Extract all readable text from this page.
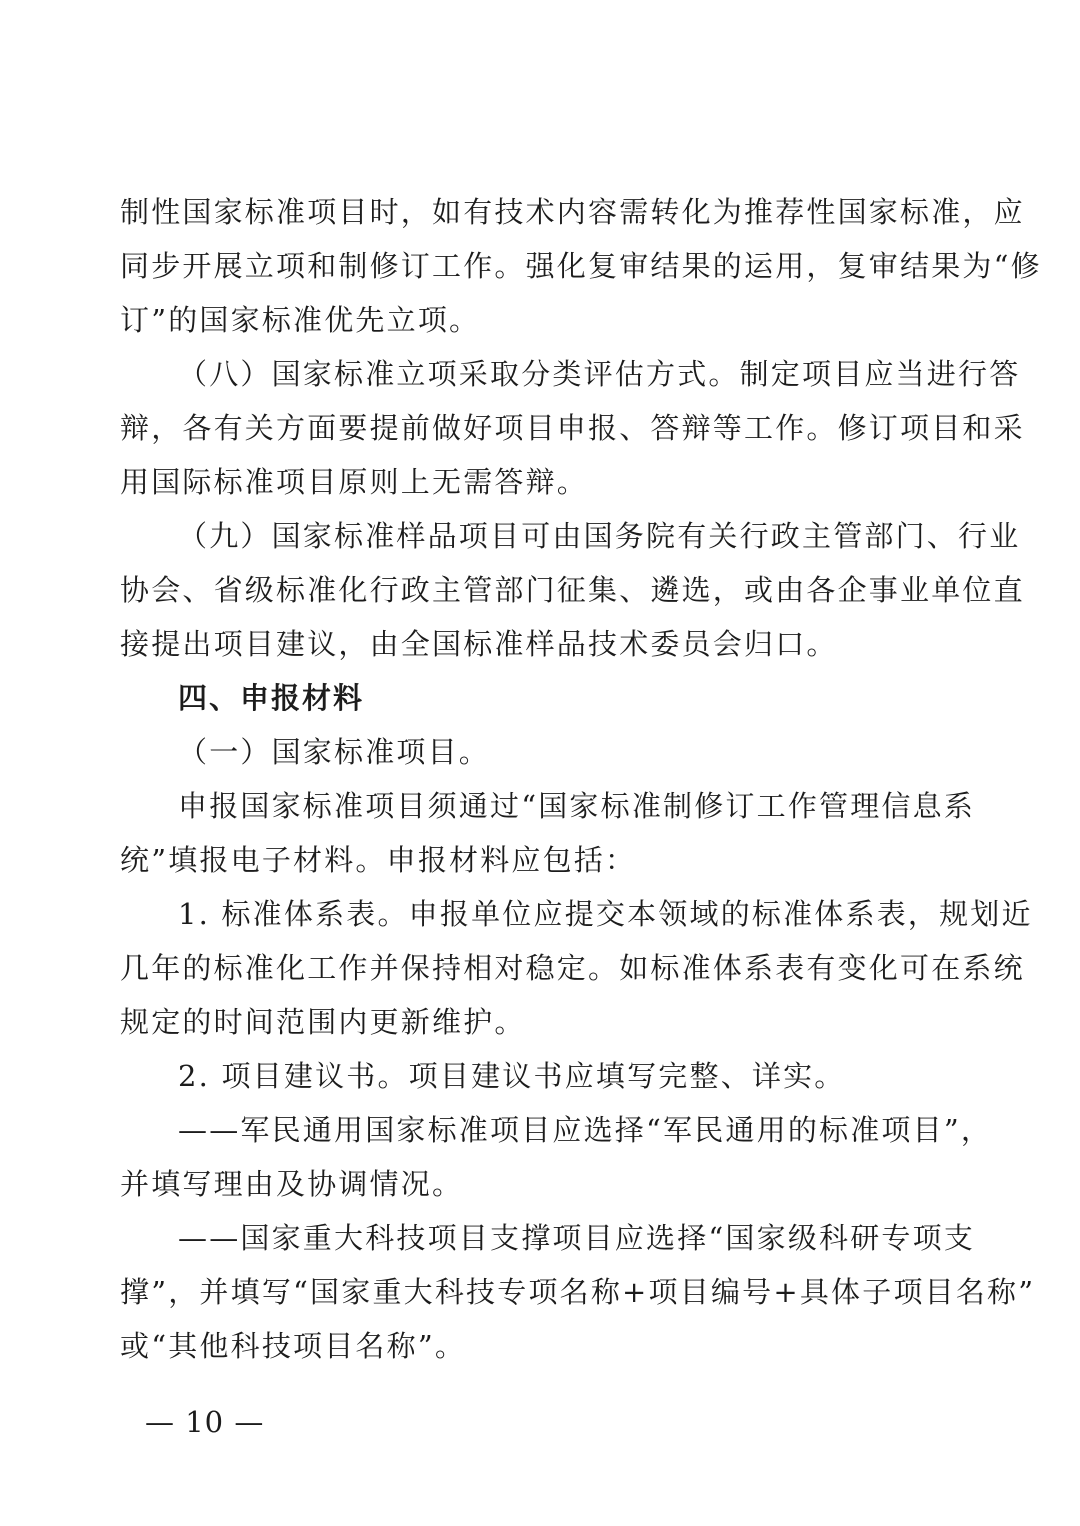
制性国家标准项目时，如有技术内容需转化为推荐性国家标准，应
同步开展立项和制修订工作。强化复审结果的运用，复审结果为“修
订”的国家标准优先立项。
（八）国家标准立项采取分类评估方式。制定项目应当进行答
辩，各有关方面要提前做好项目申报、答辩等工作。修订项目和采
用国际标准项目原则上无需答辩。
（九）国家标准样品项目可由国务院有关行政主管部门、行业
协会、省级标准化行政主管部门征集、遴选，或由各企事业单位直
接提出项目建议，由全国标准样品技术委员会归口。
四、申报材料
（一）国家标准项目。
申报国家标准项目须通过“国家标准制修订工作管理信息系
统”填报电子材料。申报材料应包括：
1. 标准体系表。申报单位应提交本领域的标准体系表，规划近
几年的标准化工作并保持相对稳定。如标准体系表有变化可在系统
规定的时间范围内更新维护。
2. 项目建议书。项目建议书应填写完整、详实。
——军民通用国家标准项目应选择“军民通用的标准项目”，
并填写理由及协调情况。
——国家重大科技项目支撑项目应选择“国家级科研专项支
撑”，并填写“国家重大科技专项名称+项目编号+具体子项目名称”
或“其他科技项目名称”。
— 10 —
